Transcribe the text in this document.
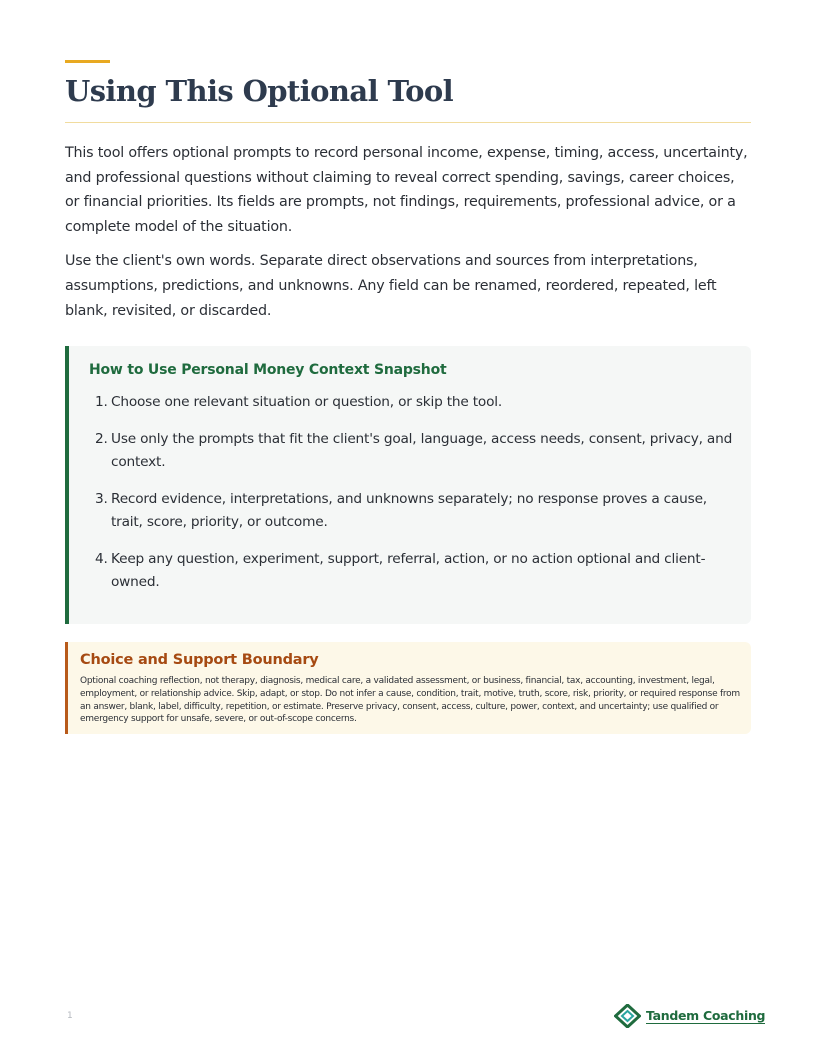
Using This Optional Tool

This tool offers optional prompts to record personal income, expense, timing, access, uncertainty, and professional questions without claiming to reveal correct spending, savings, career choices, or financial priorities. Its fields are prompts, not findings, requirements, professional advice, or a complete model of the situation.

Use the client's own words. Separate direct observations and sources from interpretations, assumptions, predictions, and unknowns. Any field can be renamed, reordered, repeated, left blank, revisited, or discarded.

How to Use Personal Money Context Snapshot
1. Choose one relevant situation or question, or skip the tool.
2. Use only the prompts that fit the client's goal, language, access needs, consent, privacy, and context.
3. Record evidence, interpretations, and unknowns separately; no response proves a cause, trait, score, priority, or outcome.
4. Keep any question, experiment, support, referral, action, or no action optional and client-owned.
Choice and Support Boundary

Optional coaching reflection, not therapy, diagnosis, medical care, a validated assessment, or business, financial, tax, accounting, investment, legal, employment, or relationship advice. Skip, adapt, or stop. Do not infer a cause, condition, trait, motive, truth, score, risk, priority, or required response from an answer, blank, label, difficulty, repetition, or estimate. Preserve privacy, consent, access, culture, power, context, and uncertainty; use qualified or emergency support for unsafe, severe, or out-of-scope concerns.

1	Tandem Coaching
